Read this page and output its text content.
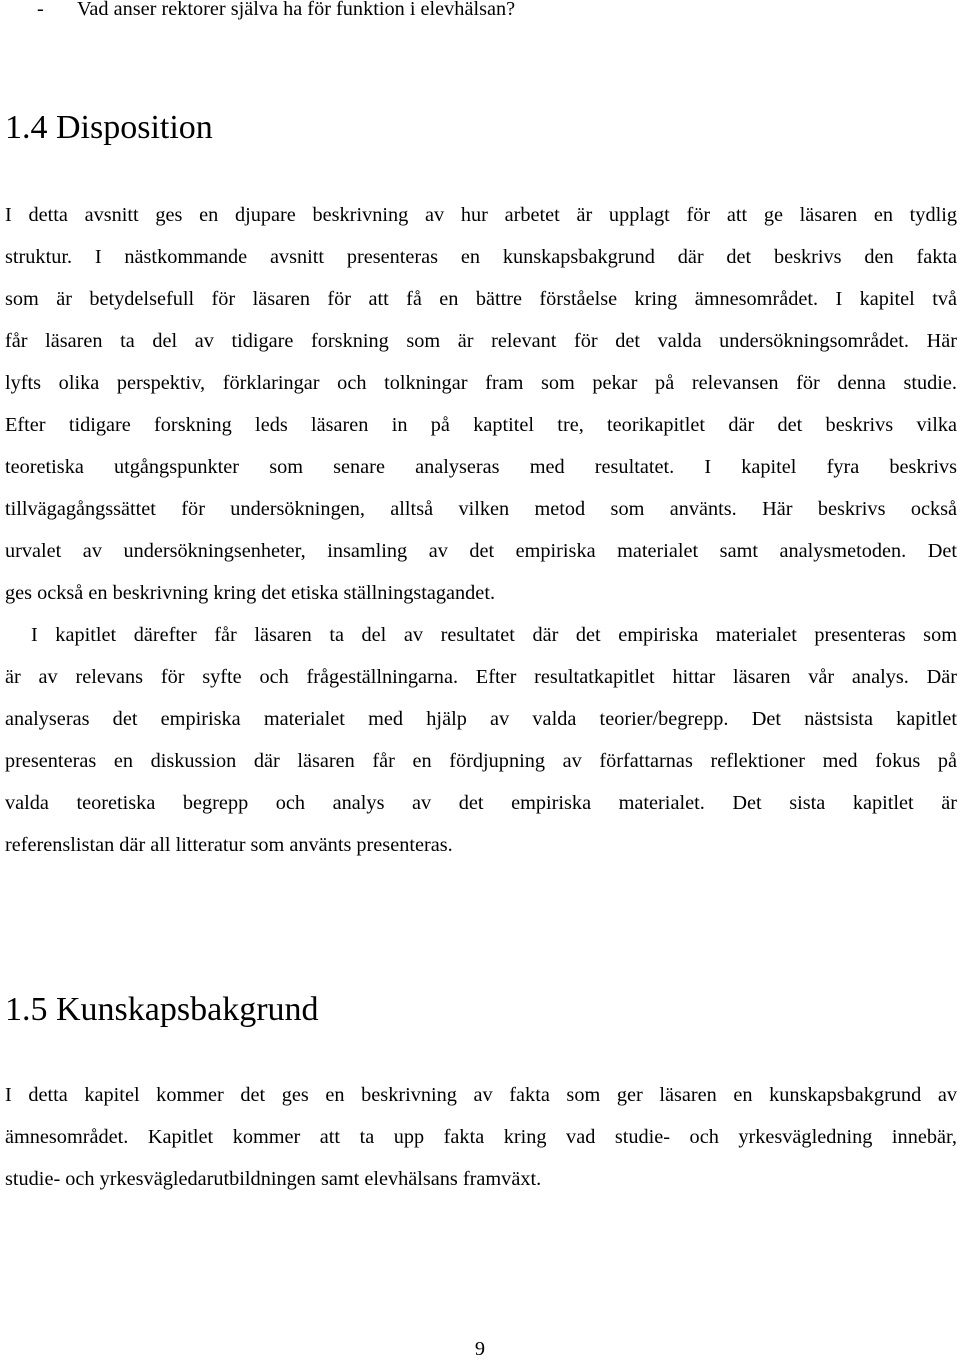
- Vad anser rektorer själva ha för funktion i elevhälsan?
1.4 Disposition

I detta avsnitt ges en djupare beskrivning av hur arbetet är upplagt för att ge läsaren en tydlig
struktur. I nästkommande avsnitt presenteras en kunskapsbakgrund där det beskrivs den fakta
som är betydelsefull för läsaren för att få en bättre förståelse kring ämnesområdet. I kapitel två
får läsaren ta del av tidigare forskning som är relevant för det valda undersökningsområdet. Här
lyfts olika perspektiv, förklaringar och tolkningar fram som pekar på relevansen för denna studie.
Efter tidigare forskning leds läsaren in på kaptitel tre, teorikapitlet där det beskrivs vilka
teoretiska utgångspunkter som senare analyseras med resultatet. I kapitel fyra beskrivs
tillvägagångssättet för undersökningen, alltså vilken metod som använts. Här beskrivs också
urvalet av undersökningsenheter, insamling av det empiriska materialet samt analysmetoden. Det
ges också en beskrivning kring det etiska ställningstagandet.

I kapitlet därefter får läsaren ta del av resultatet där det empiriska materialet presenteras som
är av relevans för syfte och frågeställningarna. Efter resultatkapitlet hittar läsaren vår analys. Där
analyseras det empiriska materialet med hjälp av valda teorier/begrepp. Det nästsista kapitlet
presenteras en diskussion där läsaren får en fördjupning av författarnas reflektioner med fokus på
valda teoretiska begrepp och analys av det empiriska materialet. Det sista kapitlet är
referenslistan där all litteratur som använts presenteras.

1.5 Kunskapsbakgrund

I detta kapitel kommer det ges en beskrivning av fakta som ger läsaren en kunskapsbakgrund av
ämnesområdet. Kapitlet kommer att ta upp fakta kring vad studie- och yrkesvägledning innebär,
studie- och yrkesvägledarutbildningen samt elevhälsans framväxt.

9
